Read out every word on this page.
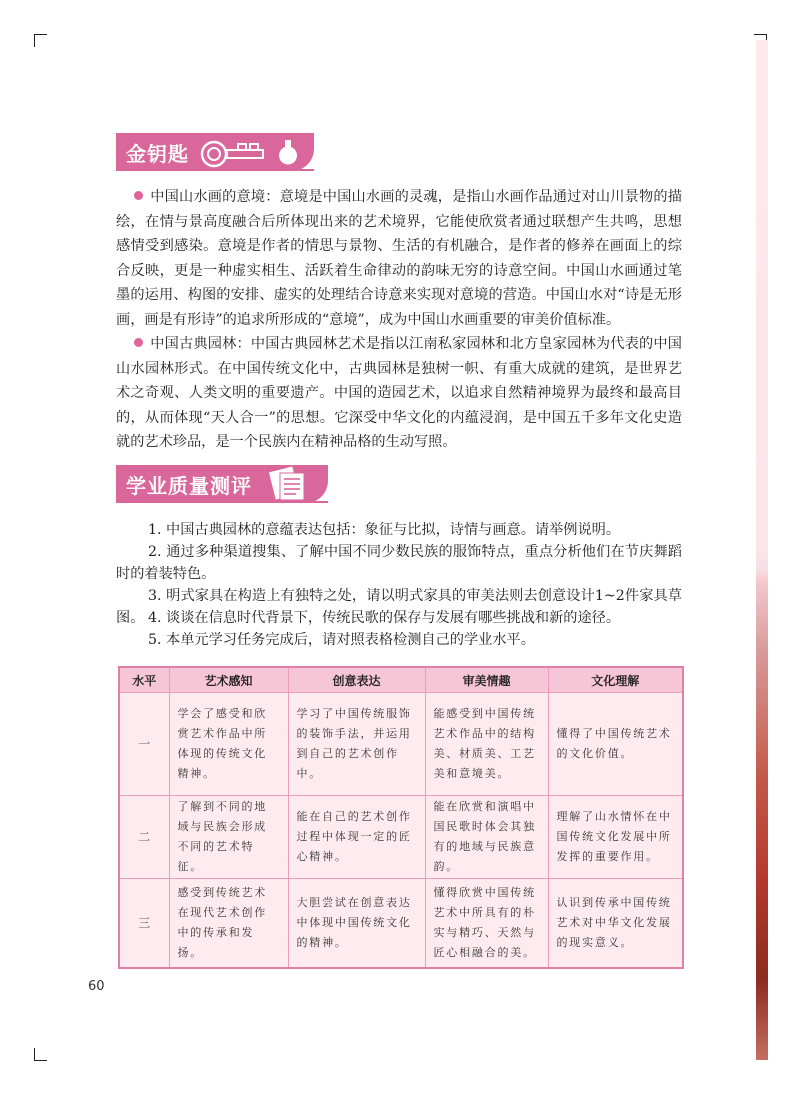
金钥匙
中国山水画的意境：意境是中国山水画的灵魂，是指山水画作品通过对山川景物的描绘，在情与景高度融合后所体现出来的艺术境界，它能使欣赏者通过联想产生共鸣，思想感情受到感染。意境是作者的情思与景物、生活的有机融合，是作者的修养在画面上的综合反映，更是一种虚实相生、活跃着生命律动的韵味无穷的诗意空间。中国山水画通过笔墨的运用、构图的安排、虚实的处理结合诗意来实现对意境的营造。中国山水对“诗是无形画，画是有形诗”的追求所形成的“意境”，成为中国山水画重要的审美价值标准。
中国古典园林：中国古典园林艺术是指以江南私家园林和北方皇家园林为代表的中国山水园林形式。在中国传统文化中，古典园林是独树一帜、有重大成就的建筑，是世界艺术之奇观、人类文明的重要遗产。中国的造园艺术，以追求自然精神境界为最终和最高目的，从而体现“天人合一”的思想。它深受中华文化的内蕴浸润，是中国五千多年文化史造就的艺术珍品，是一个民族内在精神品格的生动写照。
学业质量测评
1. 中国古典园林的意蕴表达包括：象征与比拟，诗情与画意。请举例说明。
2. 通过多种渠道搜集、了解中国不同少数民族的服饰特点，重点分析他们在节庆舞蹈时的着装特色。
3. 明式家具在构造上有独特之处，请以明式家具的审美法则去创意设计1~2件家具草图。 4. 谈谈在信息时代背景下，传统民歌的保存与发展有哪些挑战和新的途径。
5. 本单元学习任务完成后，请对照表格检测自己的学业水平。
水平	艺术感知	创意表达	审美情趣	文化理解
一	学会了感受和欣赏艺术作品中所体现的传统文化精神。	学习了中国传统服饰的装饰手法，并运用到自己的艺术创作中。	能感受到中国传统艺术作品中的结构美、材质美、工艺美和意境美。	懂得了中国传统艺术的文化价值。
二	了解到不同的地域与民族会形成不同的艺术特征。	能在自己的艺术创作过程中体现一定的匠心精神。	能在欣赏和演唱中国民歌时体会其独有的地域与民族意韵。	理解了山水情怀在中国传统文化发展中所发挥的重要作用。
三	感受到传统艺术在现代艺术创作中的传承和发扬。	大胆尝试在创意表达中体现中国传统文化的精神。	懂得欣赏中国传统艺术中所具有的朴实与精巧、天然与匠心相融合的美。	认识到传承中国传统艺术对中华文化发展的现实意义。
60
